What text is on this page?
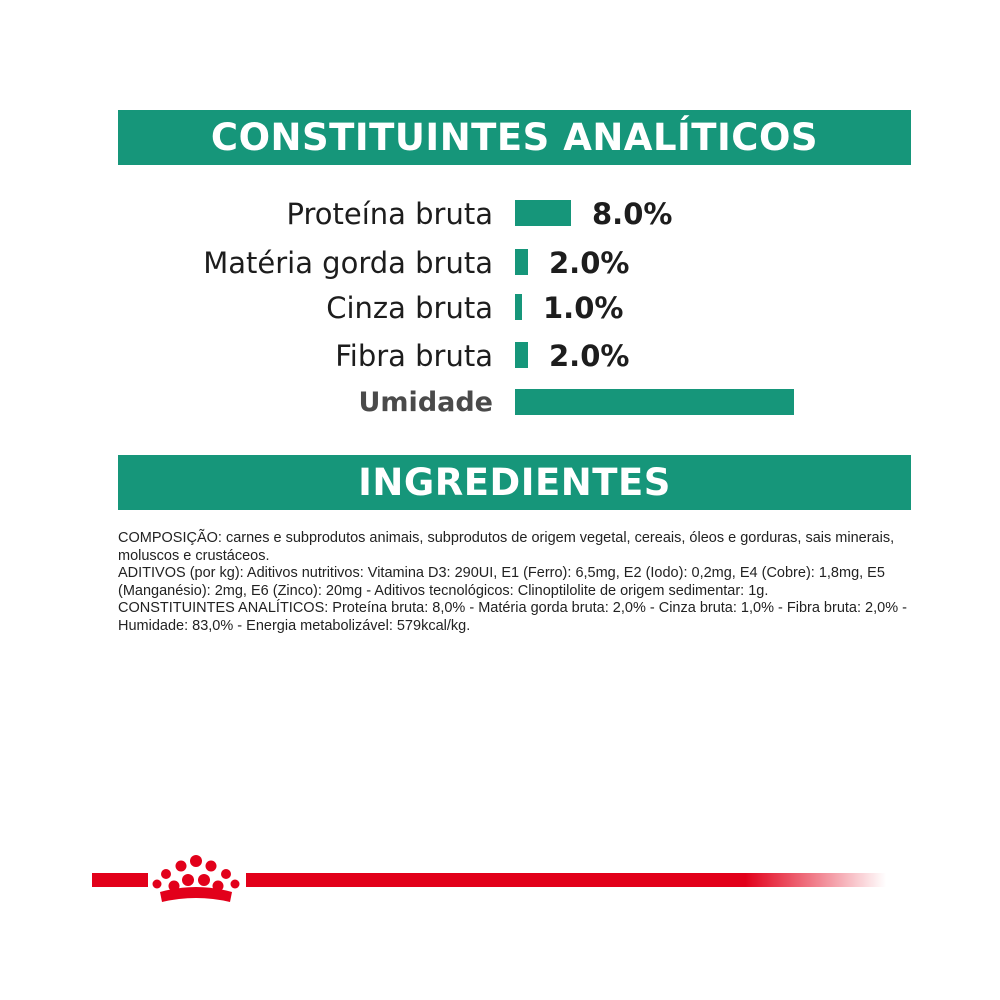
CONSTITUINTES ANALÍTICOS
Proteína bruta	8.0%
Matéria gorda bruta 2.0%
Cinza bruta 1.0%
Fibra bruta 2.0%
Umidade
INGREDIENTES

COMPOSIÇÃO: carnes e subprodutos animais, subprodutos de origem vegetal, cereais, óleos e gorduras, sais minerais, moluscos e crustáceos.

ADITIVOS (por kg): Aditivos nutritivos: Vitamina D3: 290UI, E1 (Ferro): 6,5mg, E2 (Iodo): 0,2mg, E4 (Cobre): 1,8mg, E5 (Manganésio): 2mg, E6 (Zinco): 20mg - Aditivos tecnológicos: Clinoptilolite de origem sedimentar: 1g.

CONSTITUINTES ANALÍTICOS: Proteína bruta: 8,0% - Matéria gorda bruta: 2,0% - Cinza bruta: 1,0% - Fibra bruta: 2,0% - Humidade: 83,0% - Energia metabolizável: 579kcal/kg.
